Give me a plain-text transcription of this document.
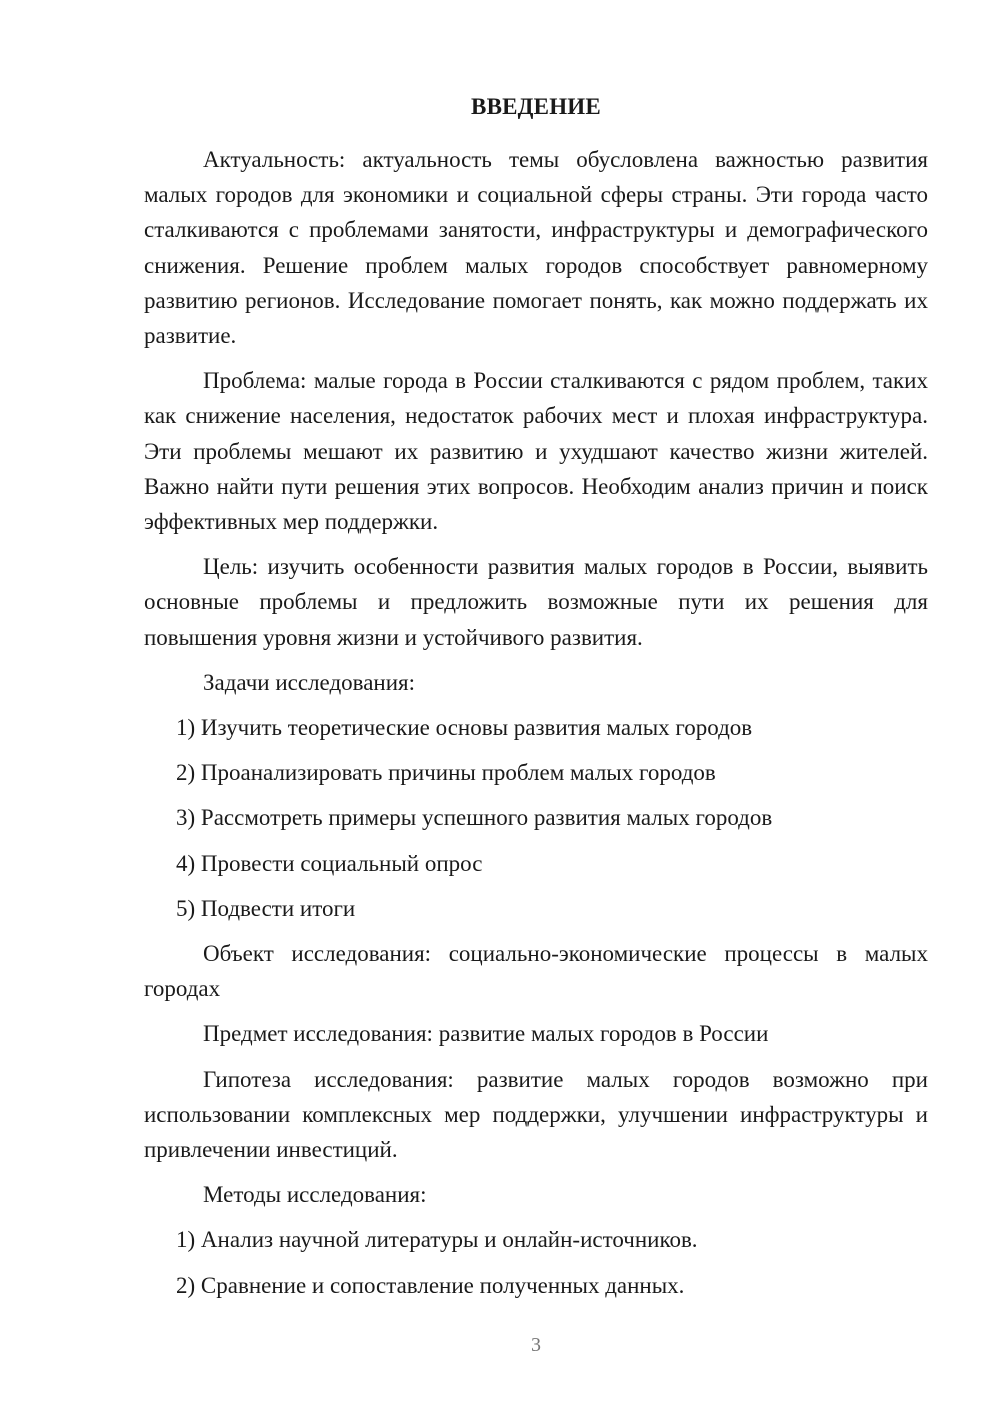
ВВЕДЕНИЕ

Актуальность: актуальность темы обусловлена важностью развития малых городов для экономики и социальной сферы страны. Эти города часто сталкиваются с проблемами занятости, инфраструктуры и демографического снижения. Решение проблем малых городов способствует равномерному развитию регионов. Исследование помогает понять, как можно поддержать их развитие.

Проблема: малые города в России сталкиваются с рядом проблем, таких как снижение населения, недостаток рабочих мест и плохая инфраструктура. Эти проблемы мешают их развитию и ухудшают качество жизни жителей. Важно найти пути решения этих вопросов. Необходим анализ причин и поиск эффективных мер поддержки.

Цель: изучить особенности развития малых городов в России, выявить основные проблемы и предложить возможные пути их решения для повышения уровня жизни и устойчивого развития.

Задачи исследования:

1) Изучить теоретические основы развития малых городов

2) Проанализировать причины проблем малых городов

3) Рассмотреть примеры успешного развития малых городов

4) Провести социальный опрос

5) Подвести итоги

Объект исследования: социально-экономические процессы в малых городах

Предмет исследования: развитие малых городов в России

Гипотеза исследования: развитие малых городов возможно при использовании комплексных мер поддержки, улучшении инфраструктуры и привлечении инвестиций.

Методы исследования:

1) Анализ научной литературы и онлайн-источников.

2) Сравнение и сопоставление полученных данных.

3
